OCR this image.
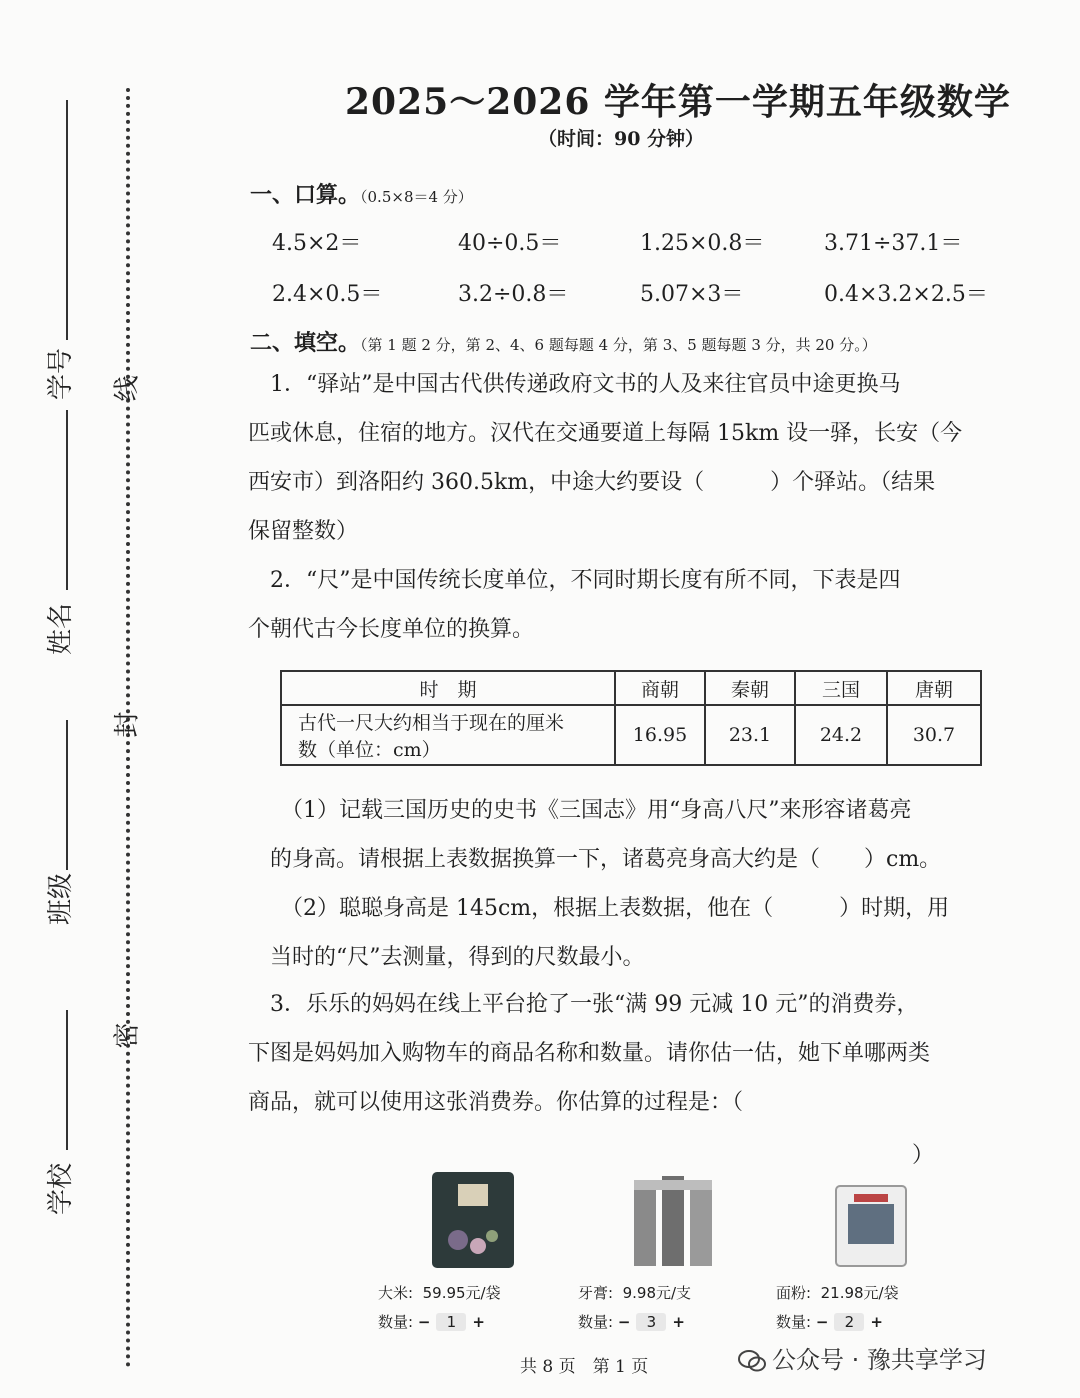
学号
姓名
班级
学校
线
封
密
2025～2026 学年第一学期五年级数学
（时间：90 分钟）
一、口算。（0.5×8＝4 分）
4.5×2＝	40÷0.5＝	1.25×0.8＝	3.71÷37.1＝
2.4×0.5＝	3.2÷0.8＝	5.07×3＝	0.4×3.2×2.5＝
二、填空。（第 1 题 2 分，第 2、4、6 题每题 4 分，第 3、5 题每题 3 分，共 20 分。）
　1．“驿站”是中国古代供传递政府文书的人及来往官员中途更换马
匹或休息，住宿的地方。汉代在交通要道上每隔 15km 设一驿，长安（今
西安市）到洛阳约 360.5km，中途大约要设（　　　）个驿站。（结果
保留整数）
　2．“尺”是中国传统长度单位，不同时期长度有所不同，下表是四
个朝代古今长度单位的换算。
时　期	商朝	秦朝	三国	唐朝

古代一尺大约相当于现在的厘米
数（单位：cm）	16.95	23.1	24.2	30.7
　（1）记载三国历史的史书《三国志》用“身高八尺”来形容诸葛亮
的身高。请根据上表数据换算一下，诸葛亮身高大约是（　　）cm。
　（2）聪聪身高是 145cm，根据上表数据，他在（　　　）时期，用
当时的“尺”去测量，得到的尺数最小。
　3．乐乐的妈妈在线上平台抢了一张“满 99 元减 10 元”的消费券，
下图是妈妈加入购物车的商品名称和数量。请你估一估，她下单哪两类
商品，就可以使用这张消费券。你估算的过程是：（
）
大米: 59.95元/袋
数量: − 1 +
牙膏: 9.98元/支
数量: − 3 +
面粉: 21.98元/袋
数量: − 2 +
共 8 页　第 1 页	公众号 · 豫共享学习
